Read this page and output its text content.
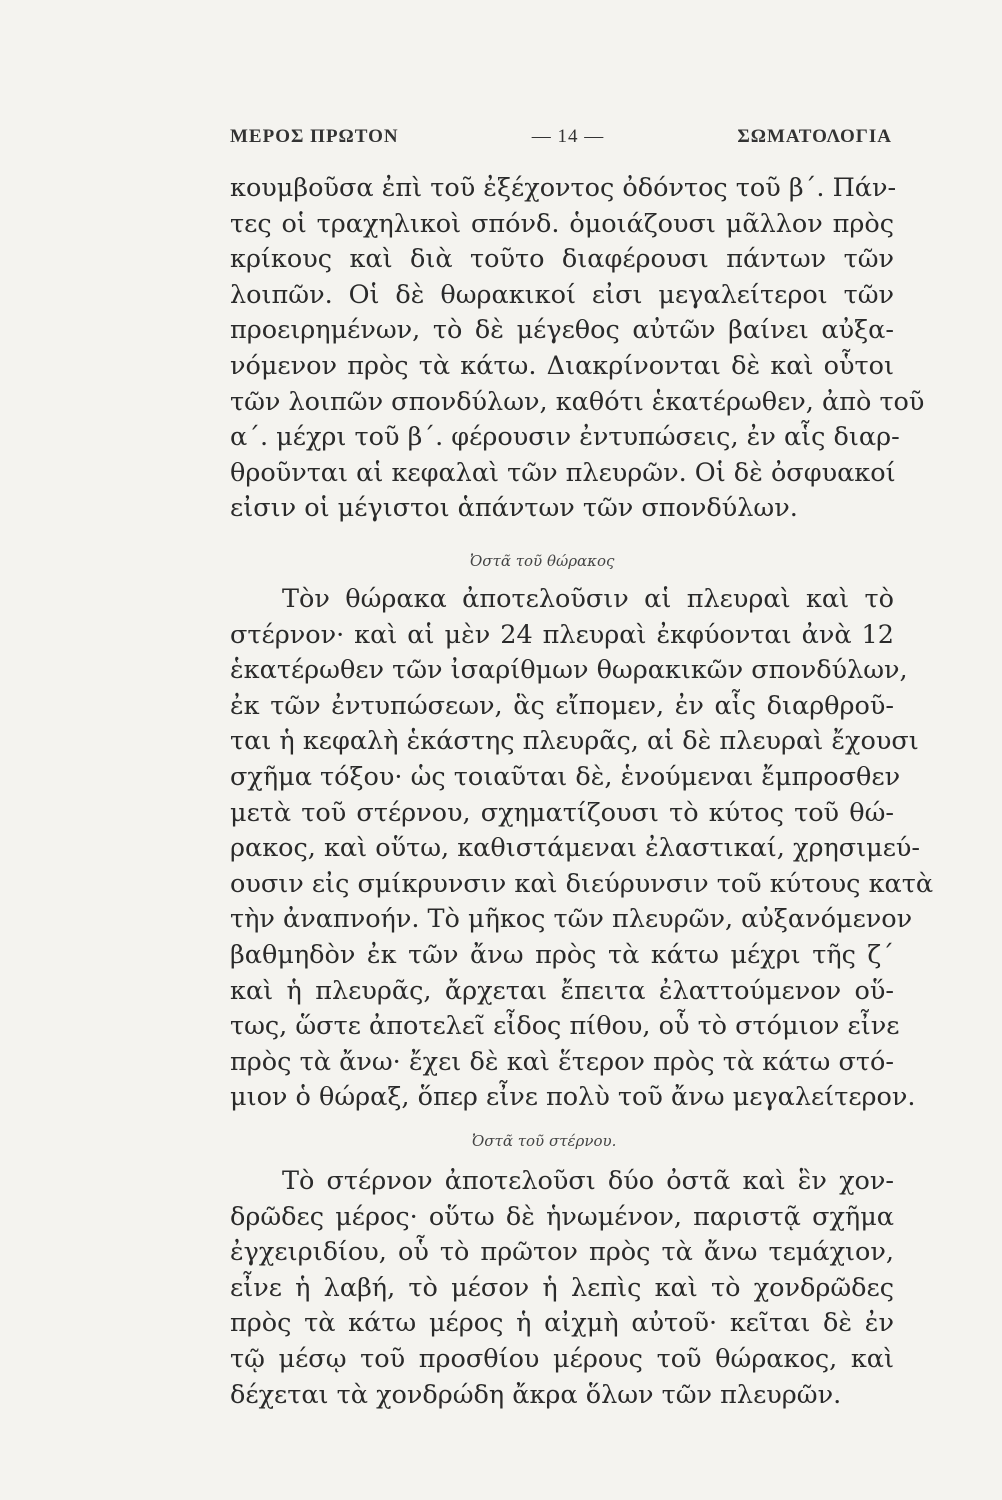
ΜΕΡΟΣ ΠΡΩΤΟΝ	— 14 —	ΣΩΜΑΤΟΛΟΓΙΑ

κουμβοῦσα ἐπὶ τοῦ ἐξέχοντος ὀδόντος τοῦ β΄. Πάν-
τες οἱ τραχηλικοὶ σπόνδ. ὁμοιάζουσι μᾶλλον πρὸς
κρίκους καὶ διὰ τοῦτο διαφέρουσι πάντων τῶν
λοιπῶν. Οἱ δὲ θωρακικοί εἰσι μεγαλείτεροι τῶν
προειρημένων, τὸ δὲ μέγεθος αὐτῶν βαίνει αὐξα-
νόμενον πρὸς τὰ κάτω. Διακρίνονται δὲ καὶ οὗτοι
τῶν λοιπῶν σπονδύλων, καθότι ἑκατέρωθεν, ἀπὸ τοῦ
α΄. μέχρι τοῦ β΄. φέρουσιν ἐντυπώσεις, ἐν αἷς διαρ-
θροῦνται αἱ κεφαλαὶ τῶν πλευρῶν. Οἱ δὲ ὀσφυακοί
εἰσιν οἱ μέγιστοι ἁπάντων τῶν σπονδύλων.

Ὀστᾶ τοῦ θώρακος

Τὸν θώρακα ἀποτελοῦσιν αἱ πλευραὶ καὶ τὸ
στέρνον· καὶ αἱ μὲν 24 πλευραὶ ἐκφύονται ἀνὰ 12
ἑκατέρωθεν τῶν ἰσαρίθμων θωρακικῶν σπονδύλων,
ἐκ τῶν ἐντυπώσεων, ἃς εἴπομεν, ἐν αἷς διαρθροῦ-
ται ἡ κεφαλὴ ἑκάστης πλευρᾶς, αἱ δὲ πλευραὶ ἔχουσι
σχῆμα τόξου· ὡς τοιαῦται δὲ, ἑνούμεναι ἔμπροσθεν
μετὰ τοῦ στέρνου, σχηματίζουσι τὸ κύτος τοῦ θώ-
ρακος, καὶ οὕτω, καθιστάμεναι ἐλαστικαί, χρησιμεύ-
ουσιν εἰς σμίκρυνσιν καὶ διεύρυνσιν τοῦ κύτους κατὰ
τὴν ἀναπνοήν. Τὸ μῆκος τῶν πλευρῶν, αὐξανόμενον
βαθμηδὸν ἐκ τῶν ἄνω πρὸς τὰ κάτω μέχρι τῆς ζ΄
καὶ ἡ πλευρᾶς, ἄρχεται ἔπειτα ἐλαττούμενον οὕ-
τως, ὥστε ἀποτελεῖ εἶδος πίθου, οὗ τὸ στόμιον εἶνε
πρὸς τὰ ἄνω· ἔχει δὲ καὶ ἕτερον πρὸς τὰ κάτω στό-
μιον ὁ θώραξ, ὅπερ εἶνε πολὺ τοῦ ἄνω μεγαλείτερον.

Ὀστᾶ τοῦ στέρνου.

Τὸ στέρνον ἀποτελοῦσι δύο ὀστᾶ καὶ ἓν χον-
δρῶδες μέρος· οὕτω δὲ ἡνωμένον, παριστᾷ σχῆμα
ἐγχειριδίου, οὗ τὸ πρῶτον πρὸς τὰ ἄνω τεμάχιον,
εἶνε ἡ λαβή, τὸ μέσον ἡ λεπὶς καὶ τὸ χονδρῶδες
πρὸς τὰ κάτω μέρος ἡ αἰχμὴ αὐτοῦ· κεῖται δὲ ἐν
τῷ μέσῳ τοῦ προσθίου μέρους τοῦ θώρακος, καὶ
δέχεται τὰ χονδρώδη ἄκρα ὅλων τῶν πλευρῶν.
